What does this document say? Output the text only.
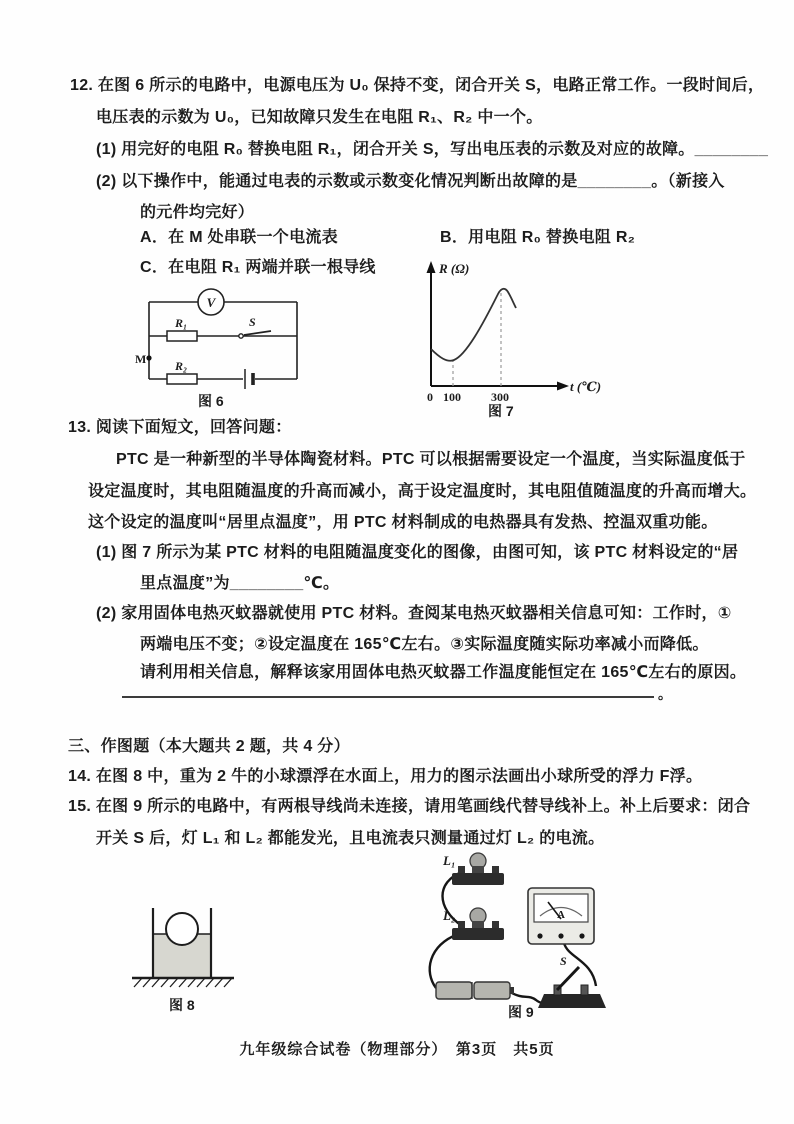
12. 在图 6 所示的电路中，电源电压为 U₀ 保持不变，闭合开关 S，电路正常工作。一段时间后，
电压表的示数为 U₀，已知故障只发生在电阻 R₁、R₂ 中一个。
(1) 用完好的电阻 R₀ 替换电阻 R₁，闭合开关 S，写出电压表的示数及对应的故障。________
(2) 以下操作中，能通过电表的示数或示数变化情况判断出故障的是________。（新接入
的元件均完好）
A．在 M 处串联一个电流表	B．用电阻 R₀ 替换电阻 R₂
C．在电阻 R₁ 两端并联一根导线
V
R₁	S
M R₂
图 6
R (Ω)
t (℃)
0 100	300
图 7
13. 阅读下面短文，回答问题：
PTC 是一种新型的半导体陶瓷材料。PTC 可以根据需要设定一个温度，当实际温度低于
设定温度时，其电阻随温度的升高而减小，高于设定温度时，其电阻值随温度的升高而增大。
这个设定的温度叫“居里点温度”，用 PTC 材料制成的电热器具有发热、控温双重功能。
(1) 图 7 所示为某 PTC 材料的电阻随温度变化的图像，由图可知，该 PTC 材料设定的“居
里点温度”为________℃。
(2) 家用固体电热灭蚊器就使用 PTC 材料。查阅某电热灭蚊器相关信息可知：工作时，①
两端电压不变；②设定温度在 165℃左右。③实际温度随实际功率减小而降低。
请利用相关信息，解释该家用固体电热灭蚊器工作温度能恒定在 165℃左右的原因。
。
三、作图题（本大题共 2 题，共 4 分）
14. 在图 8 中，重为 2 牛的小球漂浮在水面上，用力的图示法画出小球所受的浮力 F浮。
15. 在图 9 所示的电路中，有两根导线尚未连接，请用笔画线代替导线补上。补上后要求：闭合
开关 S 后，灯 L₁ 和 L₂ 都能发光，且电流表只测量通过灯 L₂ 的电流。
图 8
L₁
L₂	A
S
图 9
九年级综合试卷（物理部分）　第3页　共5页
